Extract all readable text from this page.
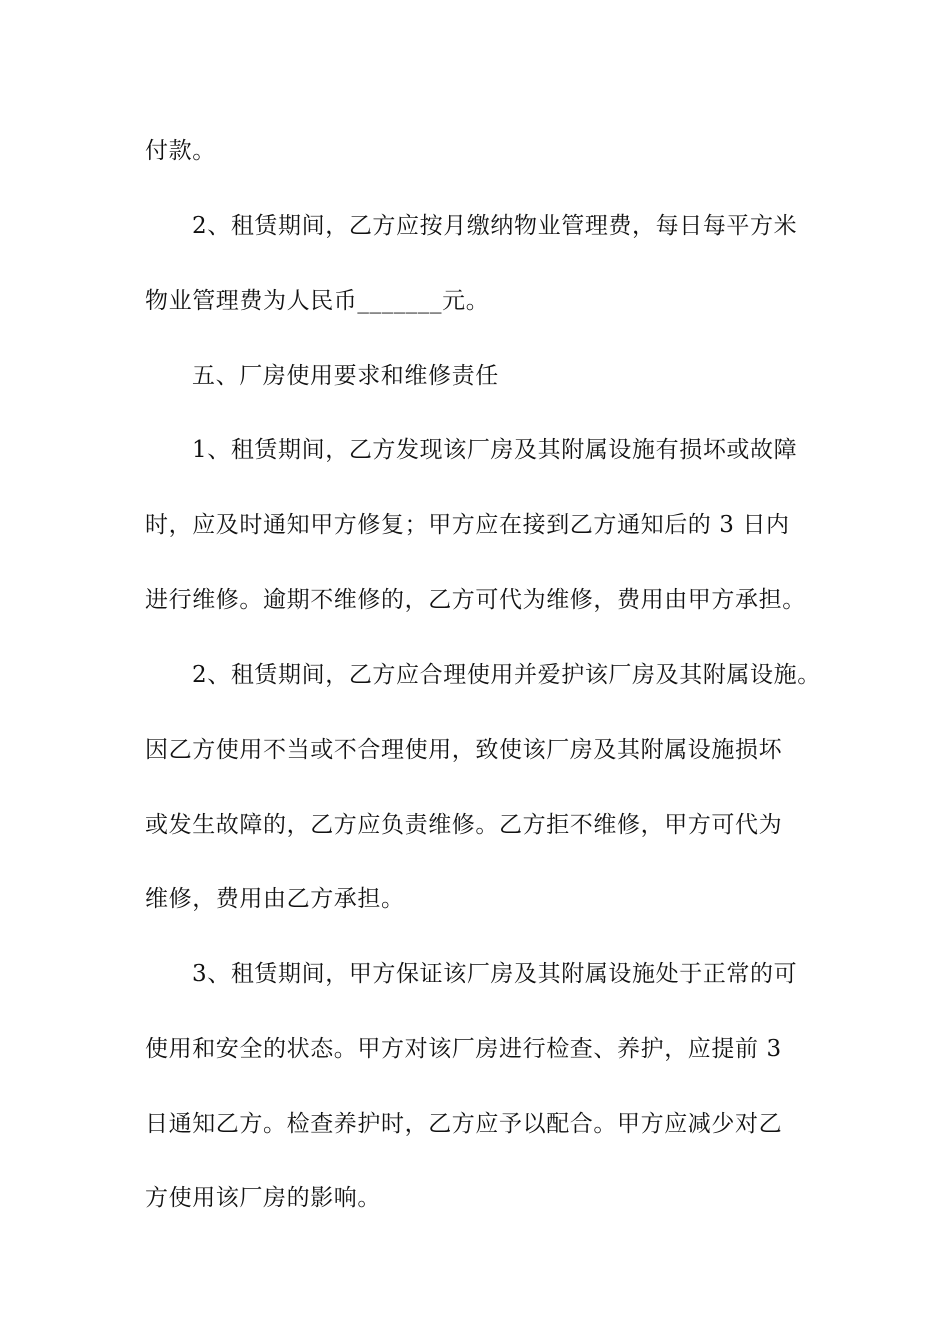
付款。
2、租赁期间，乙方应按月缴纳物业管理费，每日每平方米
物业管理费为人民币_______元。
五、厂房使用要求和维修责任
1、租赁期间，乙方发现该厂房及其附属设施有损坏或故障
时，应及时通知甲方修复；甲方应在接到乙方通知后的 3 日内
进行维修。逾期不维修的，乙方可代为维修，费用由甲方承担。
2、租赁期间，乙方应合理使用并爱护该厂房及其附属设施。
因乙方使用不当或不合理使用，致使该厂房及其附属设施损坏
或发生故障的，乙方应负责维修。乙方拒不维修，甲方可代为
维修，费用由乙方承担。
3、租赁期间，甲方保证该厂房及其附属设施处于正常的可
使用和安全的状态。甲方对该厂房进行检查、养护，应提前 3
日通知乙方。检查养护时，乙方应予以配合。甲方应减少对乙
方使用该厂房的影响。
